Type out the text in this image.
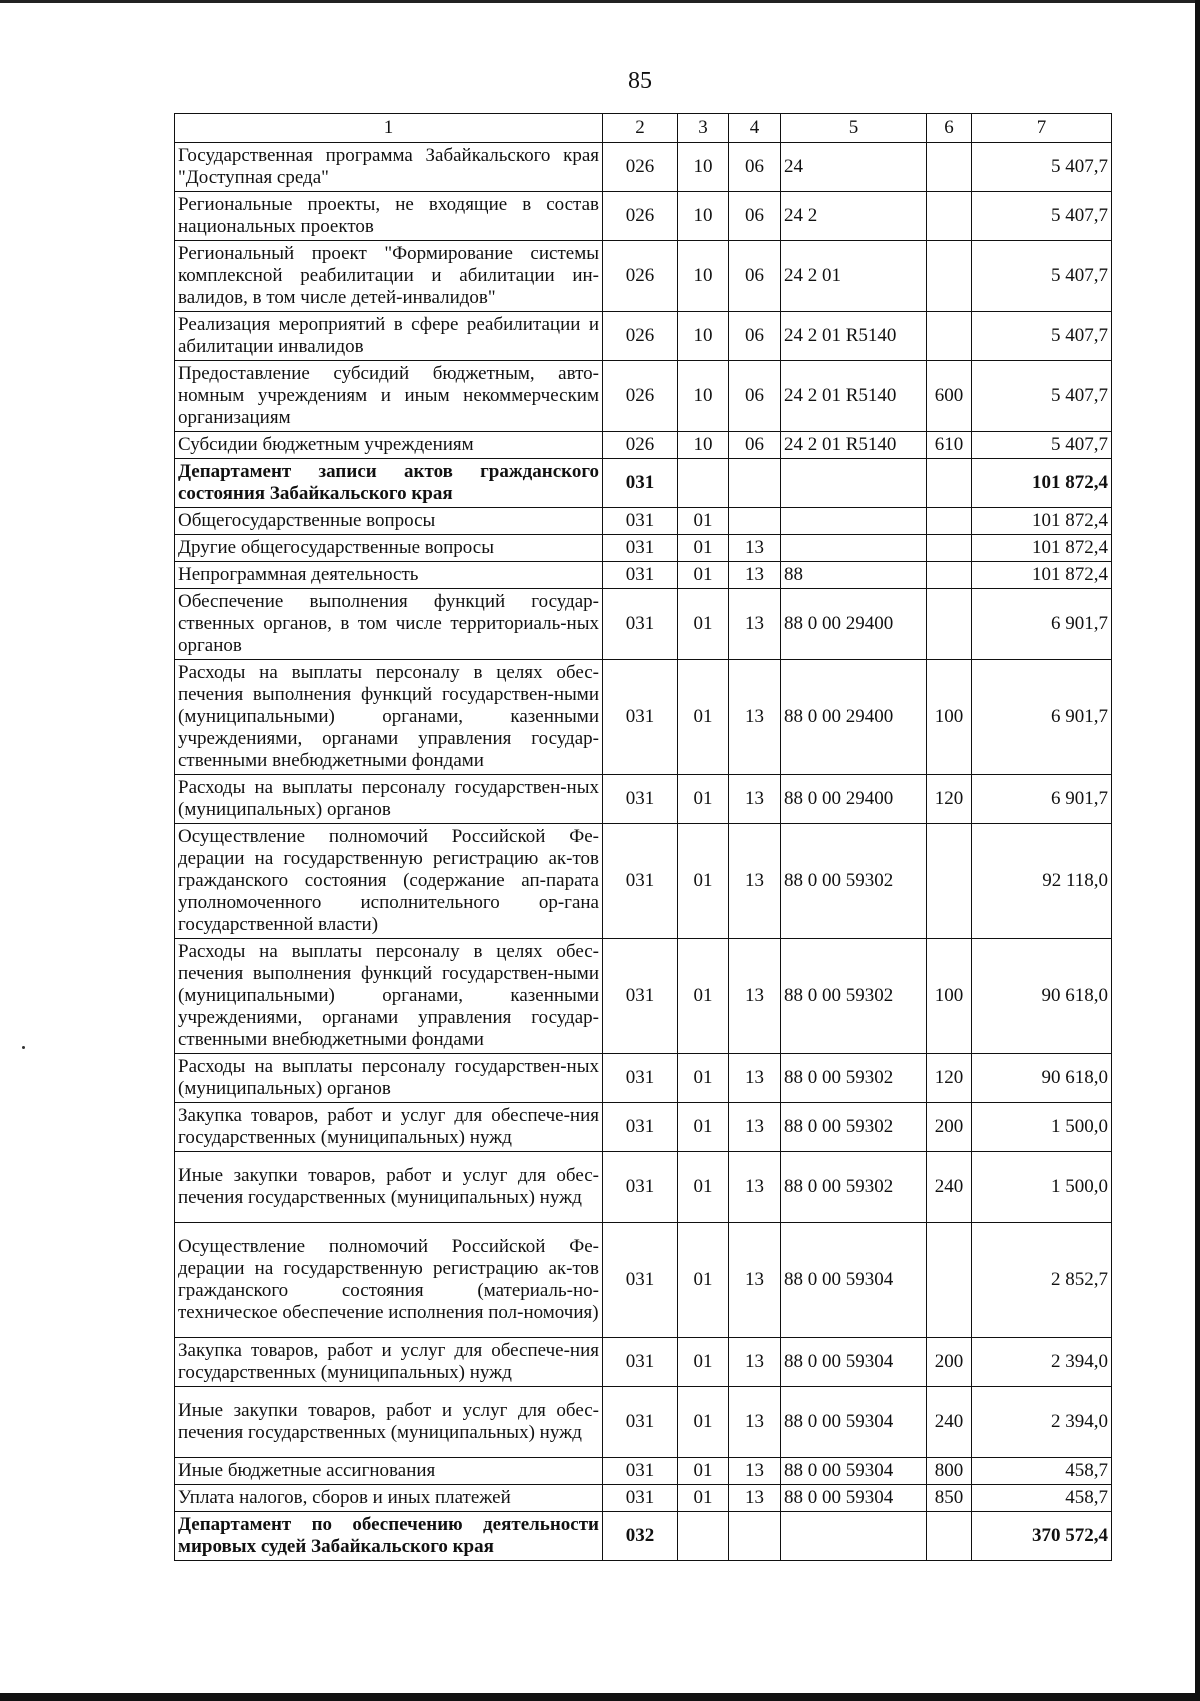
85
1	2	3	4	5	6	7
Государственная программа Забайкальского края "Доступная среда"	026	10	06	24		5 407,7
Региональные проекты, не входящие в состав национальных проектов	026	10	06	24 2		5 407,7
Региональный проект "Формирование системы комплексной реабилитации и абилитации ин-валидов, в том числе детей-инвалидов"	026	10	06	24 2 01		5 407,7
Реализация мероприятий в сфере реабилитации и абилитации инвалидов	026	10	06	24 2 01 R5140		5 407,7
Предоставление субсидий бюджетным, авто-номным учреждениям и иным некоммерческим организациям	026	10	06	24 2 01 R5140	600	5 407,7
Субсидии бюджетным учреждениям	026	10	06	24 2 01 R5140	610	5 407,7
Департамент записи актов гражданского состояния Забайкальского края	031					101 872,4
Общегосударственные вопросы	031	01				101 872,4
Другие общегосударственные вопросы	031	01	13			101 872,4
Непрограммная деятельность	031	01	13	88		101 872,4
Обеспечение выполнения функций государ-ственных органов, в том числе территориаль-ных органов	031	01	13	88 0 00 29400		6 901,7
Расходы на выплаты персоналу в целях обес-печения выполнения функций государствен-ными (муниципальными) органами, казенными учреждениями, органами управления государ-ственными внебюджетными фондами	031	01	13	88 0 00 29400	100	6 901,7
Расходы на выплаты персоналу государствен-ных (муниципальных) органов	031	01	13	88 0 00 29400	120	6 901,7
Осуществление полномочий Российской Фе-дерации на государственную регистрацию ак-тов гражданского состояния (содержание ап-парата уполномоченного исполнительного ор-гана государственной власти)	031	01	13	88 0 00 59302		92 118,0
Расходы на выплаты персоналу в целях обес-печения выполнения функций государствен-ными (муниципальными) органами, казенными учреждениями, органами управления государ-ственными внебюджетными фондами	031	01	13	88 0 00 59302	100	90 618,0
Расходы на выплаты персоналу государствен-ных (муниципальных) органов	031	01	13	88 0 00 59302	120	90 618,0
Закупка товаров, работ и услуг для обеспече-ния государственных (муниципальных) нужд	031	01	13	88 0 00 59302	200	1 500,0
Иные закупки товаров, работ и услуг для обес-печения государственных (муниципальных) нужд	031	01	13	88 0 00 59302	240	1 500,0
Осуществление полномочий Российской Фе-дерации на государственную регистрацию ак-тов гражданского состояния (материаль-но-техническое обеспечение исполнения пол-номочия)	031	01	13	88 0 00 59304		2 852,7
Закупка товаров, работ и услуг для обеспече-ния государственных (муниципальных) нужд	031	01	13	88 0 00 59304	200	2 394,0
Иные закупки товаров, работ и услуг для обес-печения государственных (муниципальных) нужд	031	01	13	88 0 00 59304	240	2 394,0
Иные бюджетные ассигнования	031	01	13	88 0 00 59304	800	458,7
Уплата налогов, сборов и иных платежей	031	01	13	88 0 00 59304	850	458,7
Департамент по обеспечению деятельности мировых судей Забайкальского края	032					370 572,4
